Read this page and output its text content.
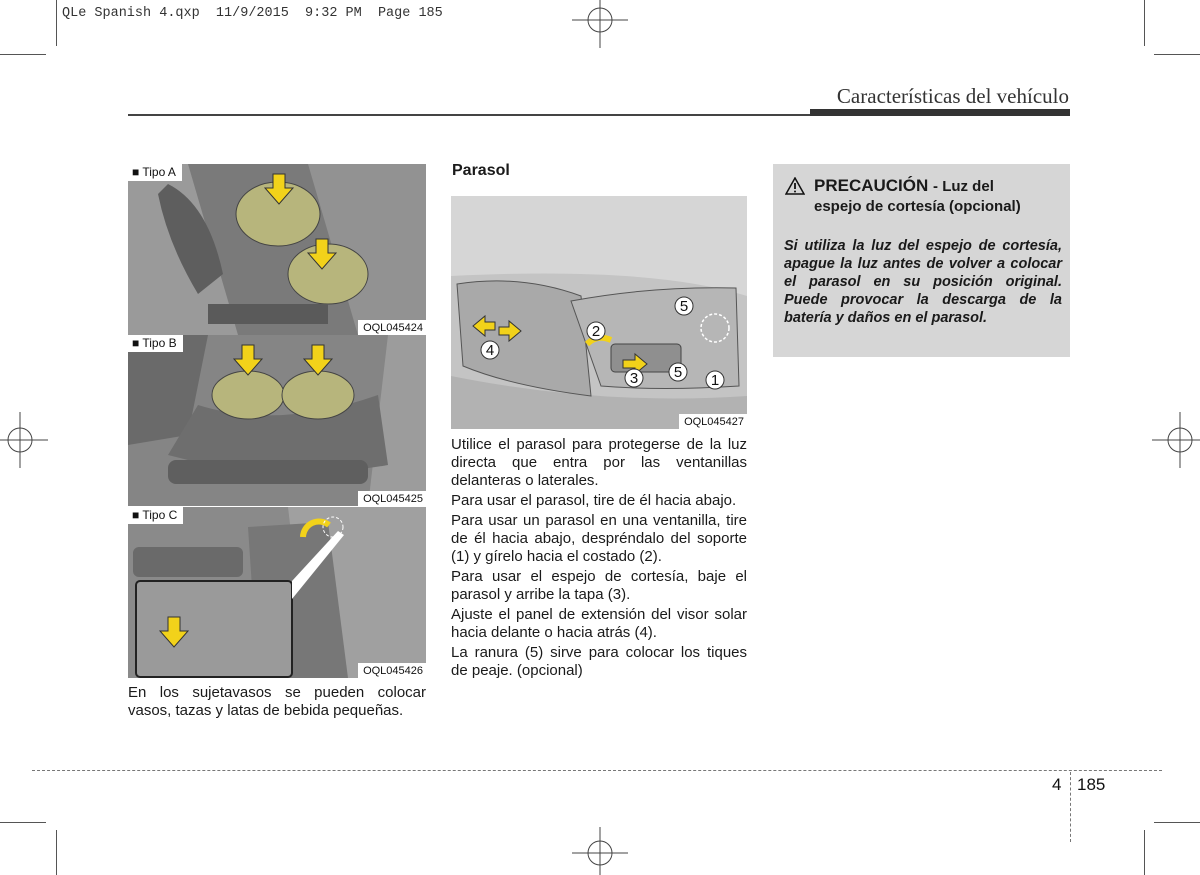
QLe Spanish 4.qxp  11/9/2015  9:32 PM  Page 185
Características del vehículo
■ Tipo A
OQL045424
■ Tipo B
OQL045425
■ Tipo C
OQL045426
En los sujetavasos se pueden colocar vasos, tazas y latas de bebida pequeñas.
Parasol
1
2
3
4
5
5
OQL045427

Utilice el parasol para protegerse de la luz directa que entra por las ventanillas delanteras o laterales.

Para usar el parasol, tire de él hacia abajo.

Para usar un parasol en una ventanilla, tire de él hacia abajo, despréndalo del soporte (1) y gírelo hacia el costado (2).

Para usar el espejo de cortesía, baje el parasol y arribe la tapa (3).

Ajuste el panel de extensión del visor solar hacia delante o hacia atrás (4).

La ranura (5) sirve para colocar los tiques de peaje. (opcional)

PRECAUCIÓN - Luz del
espejo de cortesía (opcional)
Si utiliza la luz del espejo de cortesía, apague la luz antes de volver a colocar el parasol en su posición original. Puede provocar la descarga de la batería y daños en el parasol.
4 185
